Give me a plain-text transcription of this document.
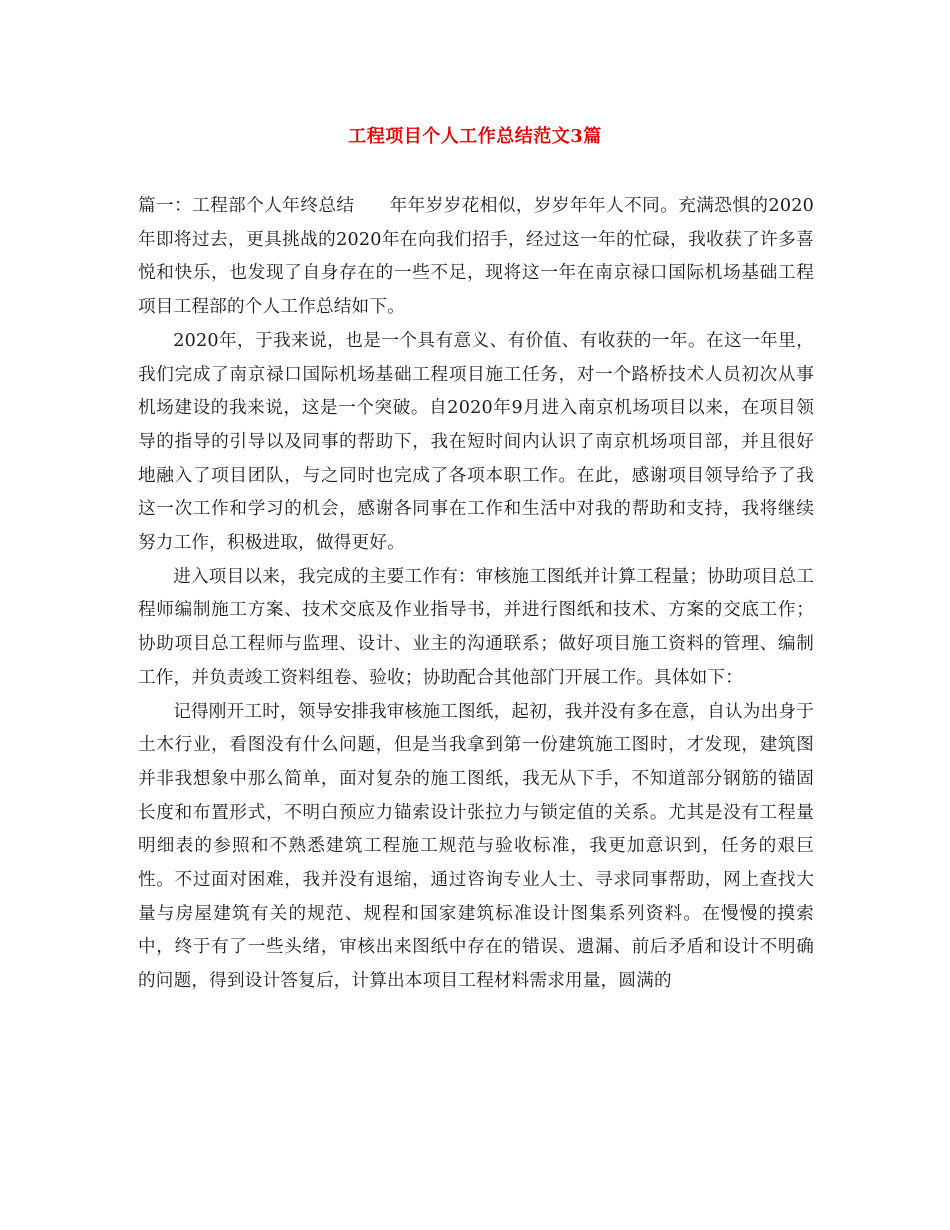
工程项目个人工作总结范文3篇

篇一：工程部个人年终总结 年年岁岁花相似，岁岁年年人不同。充满恐惧的2020年即将过去，更具挑战的2020年在向我们招手，经过这一年的忙碌，我收获了许多喜悦和快乐，也发现了自身存在的一些不足，现将这一年在南京禄口国际机场基础工程项目工程部的个人工作总结如下。

2020年，于我来说，也是一个具有意义、有价值、有收获的一年。在这一年里，我们完成了南京禄口国际机场基础工程项目施工任务，对一个路桥技术人员初次从事机场建设的我来说，这是一个突破。自2020年9月进入南京机场项目以来，在项目领导的指导的引导以及同事的帮助下，我在短时间内认识了南京机场项目部，并且很好地融入了项目团队，与之同时也完成了各项本职工作。在此，感谢项目领导给予了我这一次工作和学习的机会，感谢各同事在工作和生活中对我的帮助和支持，我将继续努力工作，积极进取，做得更好。

进入项目以来，我完成的主要工作有：审核施工图纸并计算工程量；协助项目总工程师编制施工方案、技术交底及作业指导书，并进行图纸和技术、方案的交底工作；协助项目总工程师与监理、设计、业主的沟通联系；做好项目施工资料的管理、编制工作，并负责竣工资料组卷、验收；协助配合其他部门开展工作。具体如下：

记得刚开工时，领导安排我审核施工图纸，起初，我并没有多在意，自认为出身于土木行业，看图没有什么问题，但是当我拿到第一份建筑施工图时，才发现，建筑图并非我想象中那么简单，面对复杂的施工图纸，我无从下手，不知道部分钢筋的锚固长度和布置形式，不明白预应力锚索设计张拉力与锁定值的关系。尤其是没有工程量明细表的参照和不熟悉建筑工程施工规范与验收标准，我更加意识到，任务的艰巨性。不过面对困难，我并没有退缩，通过咨询专业人士、寻求同事帮助，网上查找大量与房屋建筑有关的规范、规程和国家建筑标准设计图集系列资料。在慢慢的摸索中，终于有了一些头绪，审核出来图纸中存在的错误、遗漏、前后矛盾和设计不明确的问题，得到设计答复后，计算出本项目工程材料需求用量，圆满的
